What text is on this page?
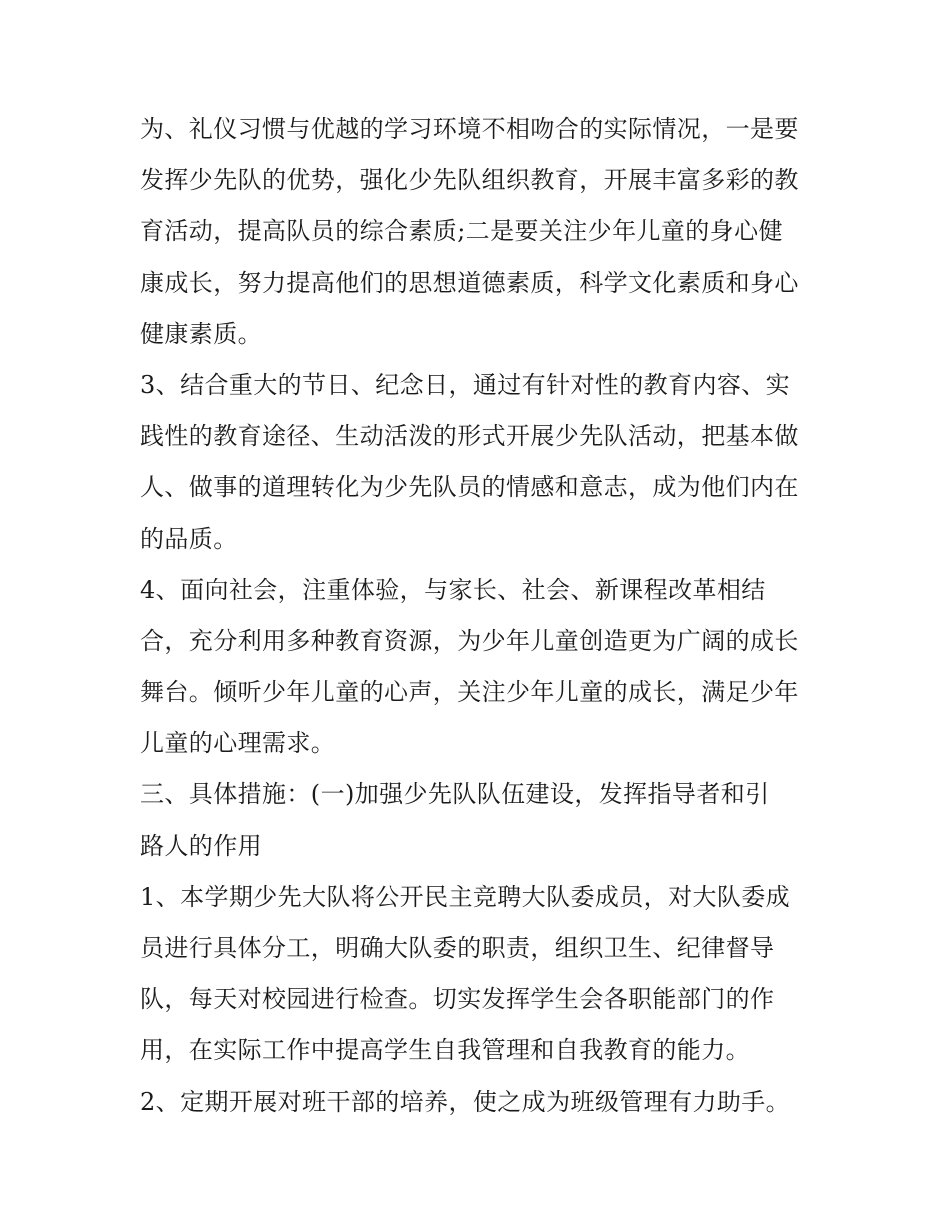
为、礼仪习惯与优越的学习环境不相吻合的实际情况，一是要
发挥少先队的优势，强化少先队组织教育，开展丰富多彩的教
育活动，提高队员的综合素质;二是要关注少年儿童的身心健
康成长，努力提高他们的思想道德素质，科学文化素质和身心
健康素质。
3、结合重大的节日、纪念日，通过有针对性的教育内容、实
践性的教育途径、生动活泼的形式开展少先队活动，把基本做
人、做事的道理转化为少先队员的情感和意志，成为他们内在
的品质。
4、面向社会，注重体验，与家长、社会、新课程改革相结
合，充分利用多种教育资源，为少年儿童创造更为广阔的成长
舞台。倾听少年儿童的心声，关注少年儿童的成长，满足少年
儿童的心理需求。
三、具体措施：(一)加强少先队队伍建设，发挥指导者和引
路人的作用
1、本学期少先大队将公开民主竞聘大队委成员，对大队委成
员进行具体分工，明确大队委的职责，组织卫生、纪律督导
队，每天对校园进行检查。切实发挥学生会各职能部门的作
用，在实际工作中提高学生自我管理和自我教育的能力。
2、定期开展对班干部的培养，使之成为班级管理有力助手。
